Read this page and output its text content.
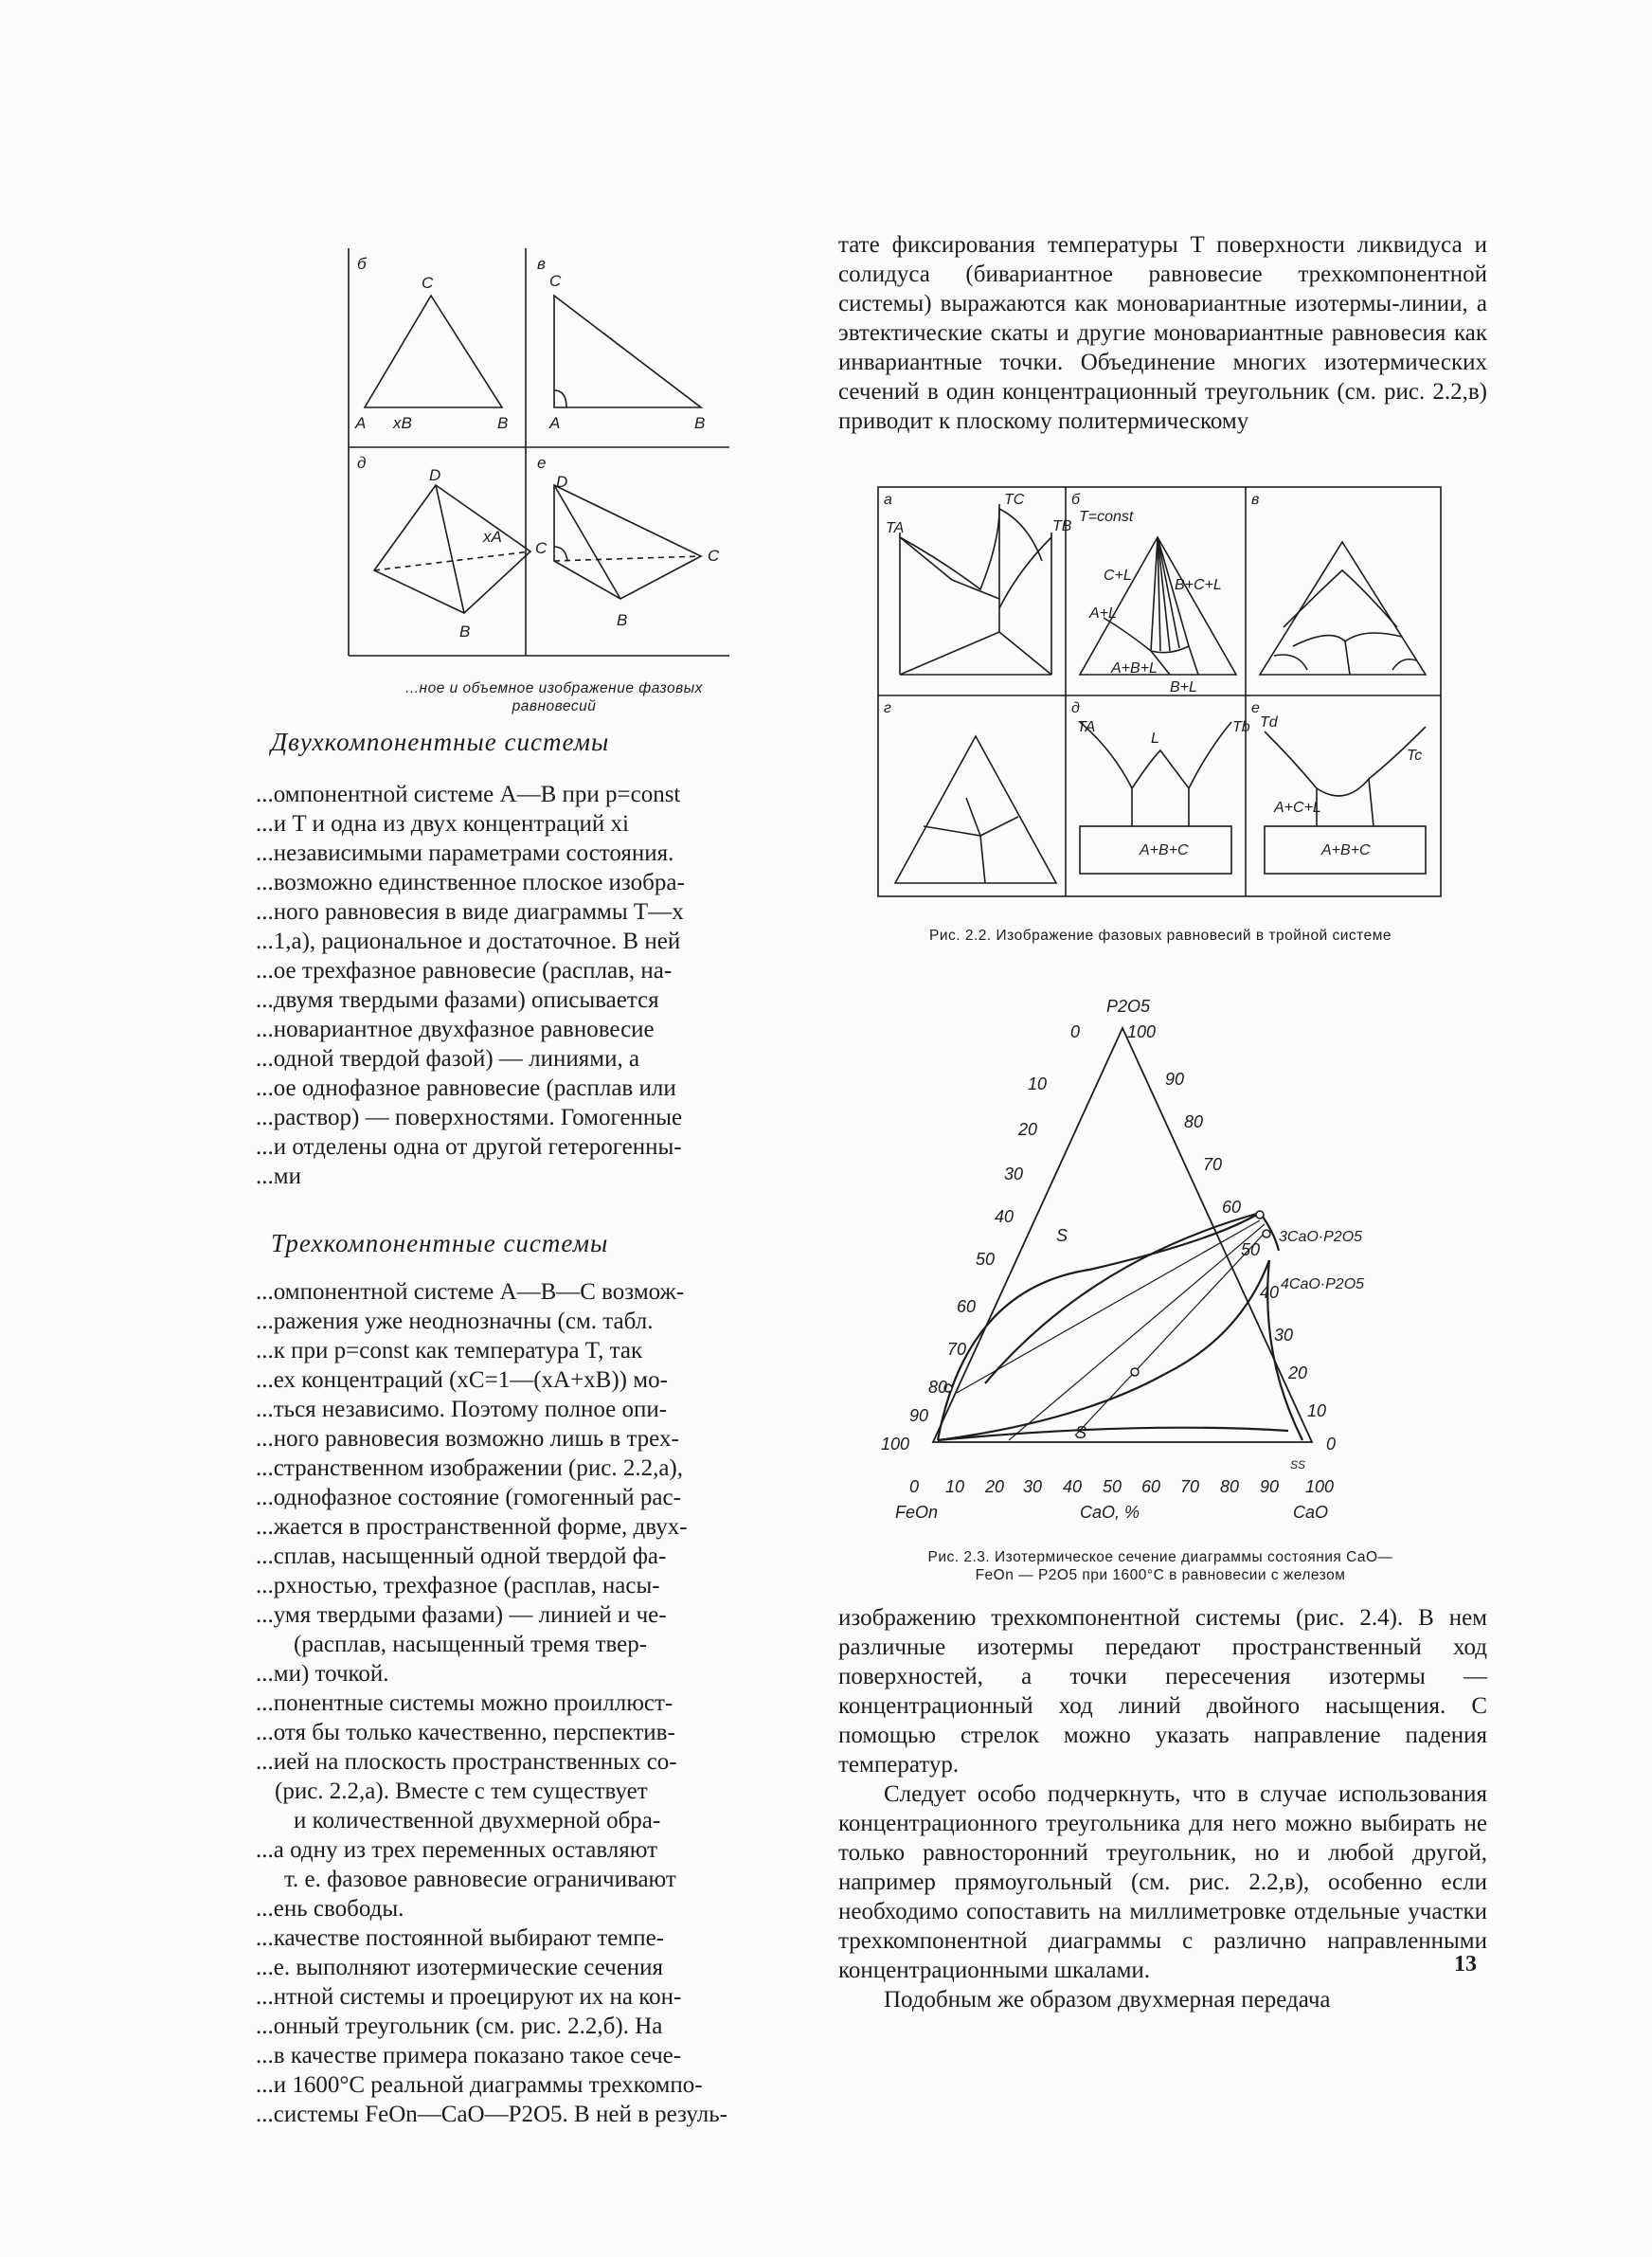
б	в
д	е
A	B
C
xB
C
A	B
D
C
B
xA
D
C
B
...ное и объемное изображение фазовых равновесий

Двухкомпонентные системы

...омпонентной системе A—B при p=const

...и T и одна из двух концентраций xi

...независимыми параметрами состояния.

...возможно единственное плоское изобра-

...ного равновесия в виде диаграммы T—x

...1,а), рациональное и достаточное. В ней

...ое трехфазное равновесие (расплав, на-

...двумя твердыми фазами) описывается

...новариантное двухфазное равновесие

...одной твердой фазой) — линиями, а

...ое однофазное равновесие (расплав или

...раствор) — поверхностями. Гомогенные

...и отделены одна от другой гетерогенны-

...ми

Трехкомпонентные системы

...омпонентной системе A—B—C возмож-

...ражения уже неоднозначны (см. табл.

...к при p=const как температура T, так

...ех концентраций (xC=1—(xA+xB)) мо-

...ться независимо. Поэтому полное опи-

...ного равновесия возможно лишь в трех-

...странственном изображении (рис. 2.2,а),

...однофазное состояние (гомогенный рас-

...жается в пространственной форме, двух-

...сплав, насыщенный одной твердой фа-

...рхностью, трехфазное (расплав, насы-

...умя твердыми фазами) — линией и че-

(расплав, насыщенный тремя твер-

...ми) точкой.

...понентные системы можно проиллюст-

...отя бы только качественно, перспектив-

...ией на плоскость пространственных со-

(рис. 2.2,а). Вместе с тем существует

и количественной двухмерной обра-

...а одну из трех переменных оставляют

т. е. фазовое равновесие ограничивают

...ень свободы.

...качестве постоянной выбирают темпе-

...е. выполняют изотермические сечения

...нтной системы и проецируют их на кон-

...онный треугольник (см. рис. 2.2,б). На

...в качестве примера показано такое сече-

...и 1600°С реальной диаграммы трехкомпо-

...системы FeOn—CaO—P2O5. В ней в резуль-

тате фиксирования температуры T поверхности ликвидуса и солидуса (бивариантное равновесие трехкомпонентной системы) выражаются как моновариантные изотермы-линии, а эвтектические скаты и другие моновариантные равновесия как инвариантные точки. Объединение многих изотермических сечений в один концентрационный треугольник (см. рис. 2.2,в) приводит к плоскому политермическому

а	б	в
г	д	е
T=const
TA	TB
TC
A+L
C+L
B+C+L
A+B+L
B+L
L
A+B+C	A+B+C
A+C+L
Tb
TA	Td
Tc
Рис. 2.2. Изображение фазовых равновесий в тройной системе
P2O5
0	100
10
20
30
40
50
60
70
80
90
100
90
80
70
60
50
40
30
20
10
0
S
S
SS
3CaO·P2O5
4CaO·P2O5
0 10 20 30 40 50 60 70 80 90 100
FeOn	CaO, %	CaO
Рис. 2.3. Изотермическое сечение диаграммы состояния CaO—
FeOn — P2O5 при 1600°C в равновесии с железом

изображению трехкомпонентной системы (рис. 2.4). В нем различные изотермы передают пространственный ход поверхностей, а точки пересечения изотермы — концентрационный ход линий двойного насыщения. С помощью стрелок можно указать направление падения температур.

Следует особо подчеркнуть, что в случае использования концентрационного треугольника для него можно выбирать не только равносторонний треугольник, но и любой другой, например прямоугольный (см. рис. 2.2,в), особенно если необходимо сопоставить на миллиметровке отдельные участки трехкомпонентной диаграммы с различно направленными концентрационными шкалами.

Подобным же образом двухмерная передача

13
